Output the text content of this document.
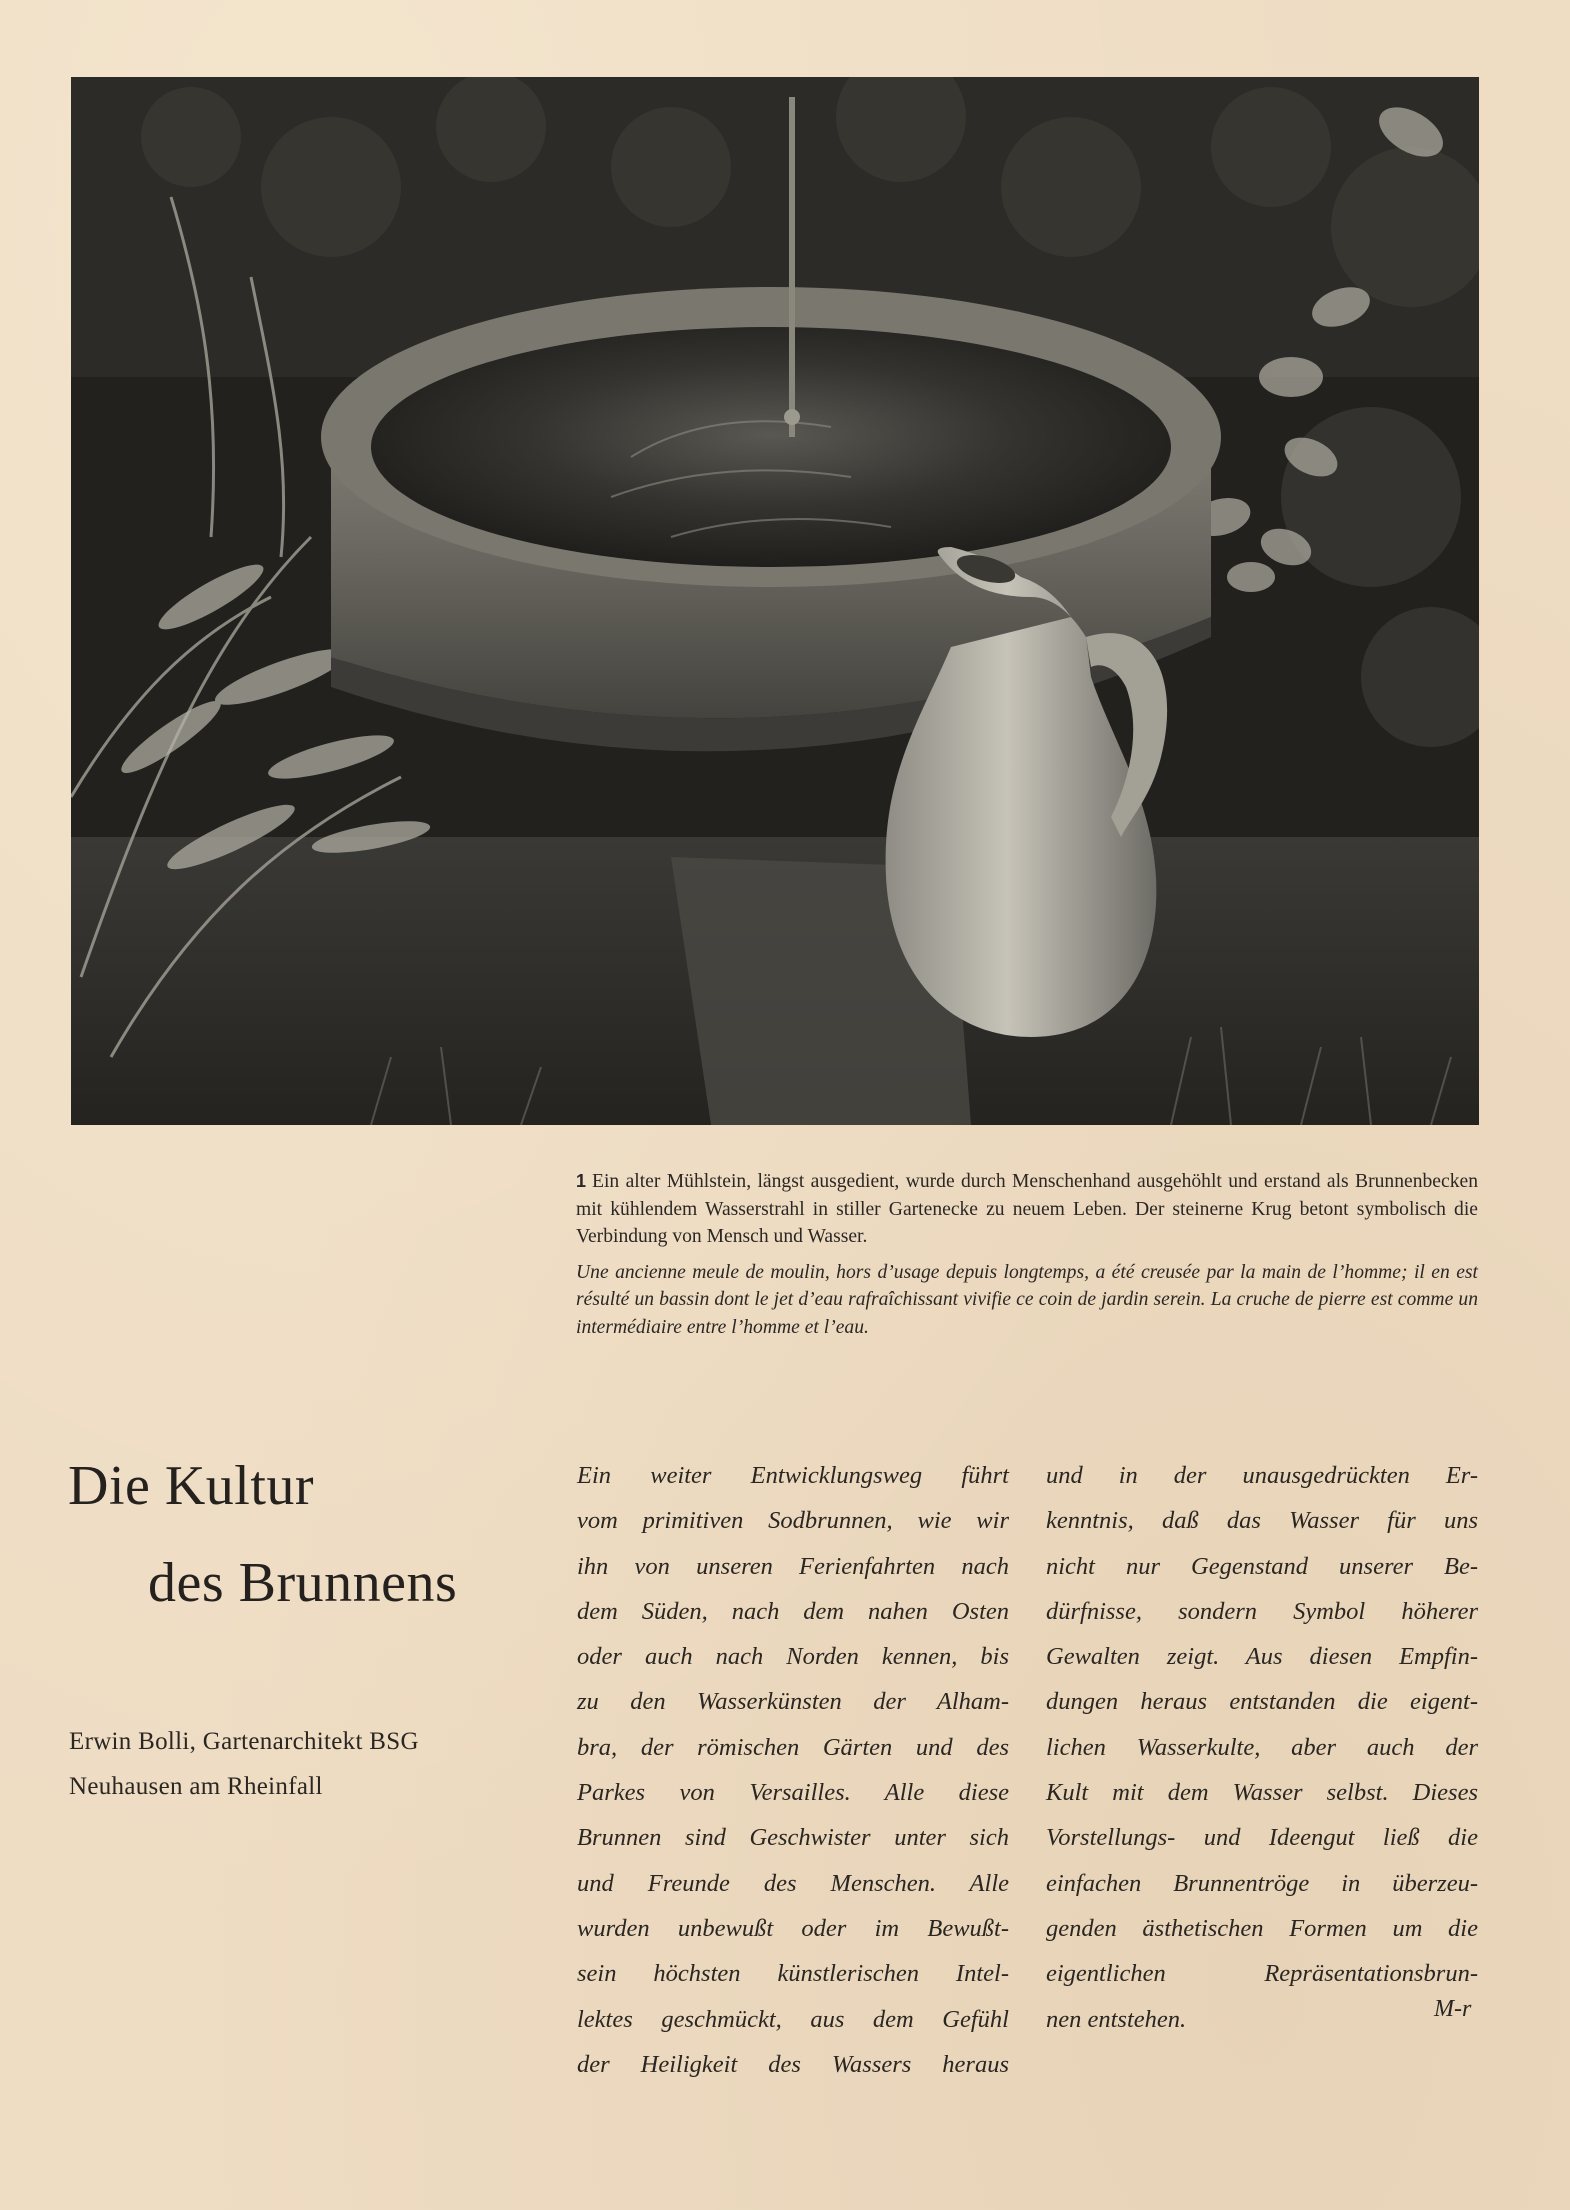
1 Ein alter Mühlstein, längst ausgedient, wurde durch Menschenhand ausgehöhlt und erstand als Brunnenbecken mit kühlendem Wasserstrahl in stiller Gartenecke zu neuem Leben. Der steinerne Krug betont symbolisch die Verbindung von Mensch und Wasser.

Une ancienne meule de moulin, hors d’usage depuis longtemps, a été creusée par la main de l’homme; il en est résulté un bassin dont le jet d’eau rafraîchissant vivifie ce coin de jardin serein. La cruche de pierre est comme un intermédiaire entre l’homme et l’eau.

Die Kultur
des Brunnens

Erwin Bolli, Gartenarchitekt BSG

Neuhausen am Rheinfall

Ein weiter Entwicklungsweg führt
vom primitiven Sodbrunnen, wie wir
ihn von unseren Ferienfahrten nach
dem Süden, nach dem nahen Osten
oder auch nach Norden kennen, bis
zu den Wasserkünsten der Alham-
bra, der römischen Gärten und des
Parkes von Versailles. Alle diese
Brunnen sind Geschwister unter sich
und Freunde des Menschen. Alle
wurden unbewußt oder im Bewußt-
sein höchsten künstlerischen Intel-
lektes geschmückt, aus dem Gefühl
der Heiligkeit des Wassers heraus
und in der unausgedrückten Er-
kenntnis, daß das Wasser für uns
nicht nur Gegenstand unserer Be-
dürfnisse, sondern Symbol höherer
Gewalten zeigt. Aus diesen Empfin-
dungen heraus entstanden die eigent-
lichen Wasserkulte, aber auch der
Kult mit dem Wasser selbst. Dieses
Vorstellungs- und Ideengut ließ die
einfachen Brunnentröge in überzeu-
genden ästhetischen Formen um die
eigentlichen Repräsentationsbrun-
nen entstehen.	M-r
